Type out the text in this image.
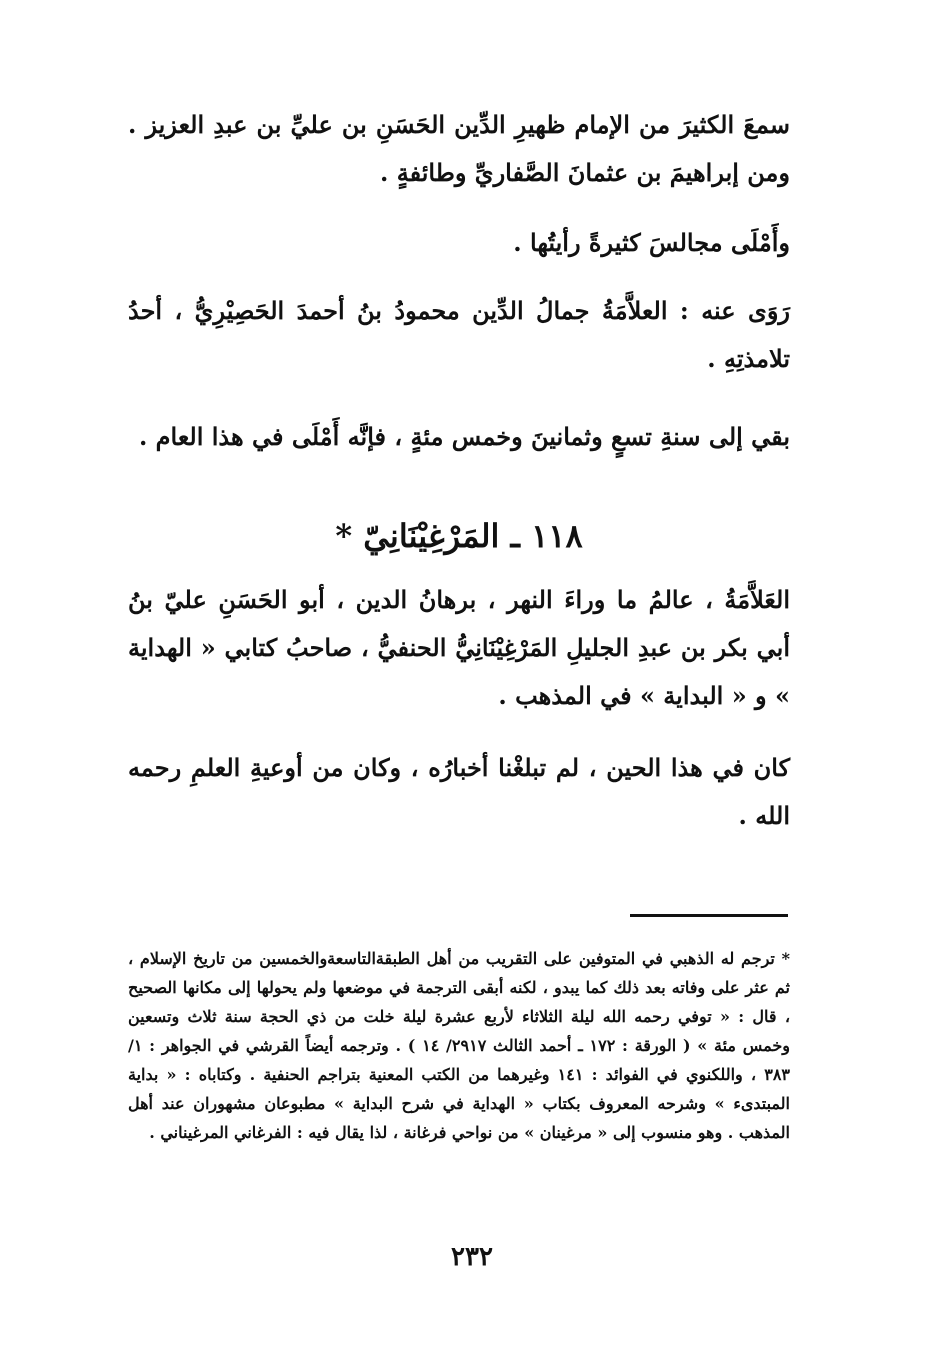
سمعَ الكثيرَ من الإمام ظهيرِ الدِّين الحَسَنِ بن عليِّ بن عبدِ العزيز . ومن إبراهيمَ بن عثمانَ الصَّفاريِّ وطائفةٍ .
وأَمْلَى مجالسَ كثيرةً رأيتُها .
رَوَى عنه : العلاَّمَةُ جمالُ الدِّين محمودُ بنُ أحمدَ الحَصِيْرِيُّ ، أحدُ تلامذتِهِ .
بقي إلى سنةِ تسعٍ وثمانينَ وخمس مئةٍ ، فإنَّه أَمْلَى في هذا العام .
١١٨ ـ المَرْغِيْنَانِيّ *
العَلاَّمَةُ ، عالمُ ما وراءَ النهر ، برهانُ الدين ، أبو الحَسَنِ عليّ بنُ أبي بكر بن عبدِ الجليلِ المَرْغِيْنَانِيُّ الحنفيُّ ، صاحبُ كتابي « الهداية » و « البداية » في المذهب .
كان في هذا الحين ، لم تبلغْنا أخبارُه ، وكان من أوعيةِ العلمِ رحمه الله .
* ترجم له الذهبي في المتوفين على التقريب من أهل الطبقةالتاسعةوالخمسين من تاريخ الإسلام ، ثم عثر على وفاته بعد ذلك كما يبدو ، لكنه أبقى الترجمة في موضعها ولم يحولها إلى مكانها الصحيح ، قال : « توفي رحمه الله ليلة الثلاثاء لأربع عشرة ليلة خلت من ذي الحجة سنة ثلاث وتسعين وخمس مئة » ( الورقة : ١٧٢ ـ أحمد الثالث ٢٩١٧/ ١٤ ) . وترجمه أيضاً القرشي في الجواهر : ١/ ٣٨٣ ، واللكنوي في الفوائد : ١٤١ وغيرهما من الكتب المعنية بتراجم الحنفية . وكتاباه : « بداية المبتدىء » وشرحه المعروف بكتاب « الهداية في شرح البداية » مطبوعان مشهوران عند أهل المذهب . وهو منسوب إلى « مرغينان » من نواحي فرغانة ، لذا يقال فيه : الفرغاني المرغيناني .
٢٣٢
